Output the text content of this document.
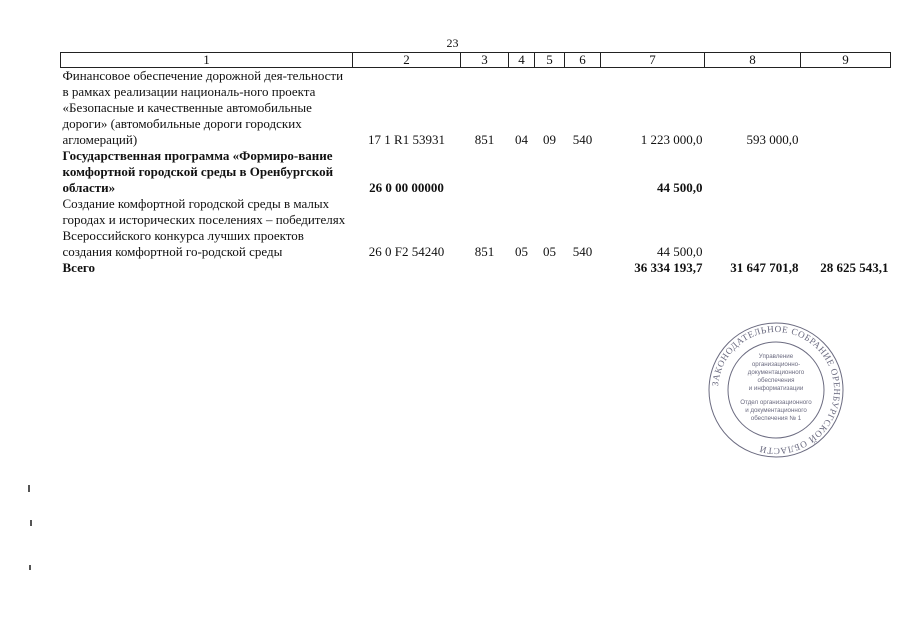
23
1	2	3	4	5	6	7	8	9
Финансовое обеспечение дорожной дея-тельности в рамках реализации националь-ного проекта «Безопасные и качественные автомобильные дороги» (автомобильные дороги городских агломераций)	17 1 R1 53931	851	04	09	540	1 223 000,0	593 000,0	
Государственная программа «Формиро-вание комфортной городской среды в Оренбургской области»	26 0 00 00000					44 500,0		
Создание комфортной городской среды в малых городах и исторических поселениях – победителях Всероссийского конкурса лучших проектов создания комфортной го-родской среды	26 0 F2 54240	851	05	05	540	44 500,0		
Всего						36 334 193,7	31 647 701,8	28 625 543,1
ЗАКОНОДАТЕЛЬНОЕ СОБРАНИЕ ОРЕНБУРГСКОЙ ОБЛАСТИ
Управление
организационно-
документационного
обеспечения
и информатизации
Отдел организационного
и документационного
обеспечения № 1
